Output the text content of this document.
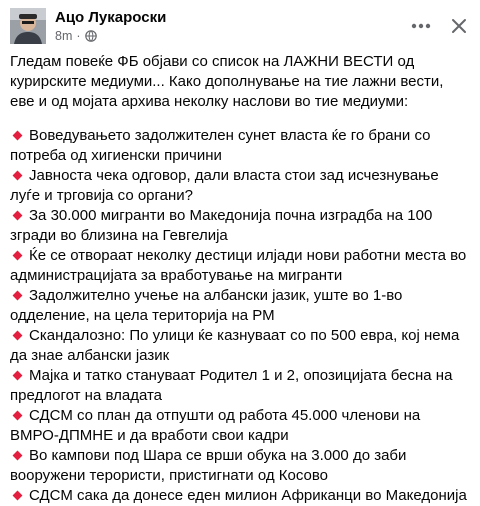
Ацо Лукароски
8m ·

Гледам повеќе ФБ објави со список на ЛАЖНИ ВЕСТИ од курирските медиуми... Како дополнување на тие лажни вести, еве и од мојата архива неколку наслови во тие медиуми:

Воведувањето задолжителен сунет власта ќе го брани со потреба од хигиенски причини

Јавноста чека одговор, дали власта стои зад исчезнување луѓе и трговија со органи?

За 30.000 мигранти во Македонија почна изградба на 100 згради во близина на Гевгелија

Ќе се отвораат неколку дестици илјади нови работни места во администрацијата за вработување на мигранти

Задолжително учење на албански јазик, уште во 1-во одделение, на цела територија на РМ

Скандалозно: По улици ќе казнуваат со по 500 евра, кој нема да знае албански јазик

Мајка и татко стануваат Родител 1 и 2, опозицијата бесна на предлогот на владата

СДСМ со план да отпушти од работа 45.000 членови на ВМРО-ДПМНЕ и да вработи свои кадри

Во кампови под Шара се врши обука на 3.000 до заби вооружени терористи, пристигнати од Косово

СДСМ сака да донесе еден милион Африканци во Македонија
